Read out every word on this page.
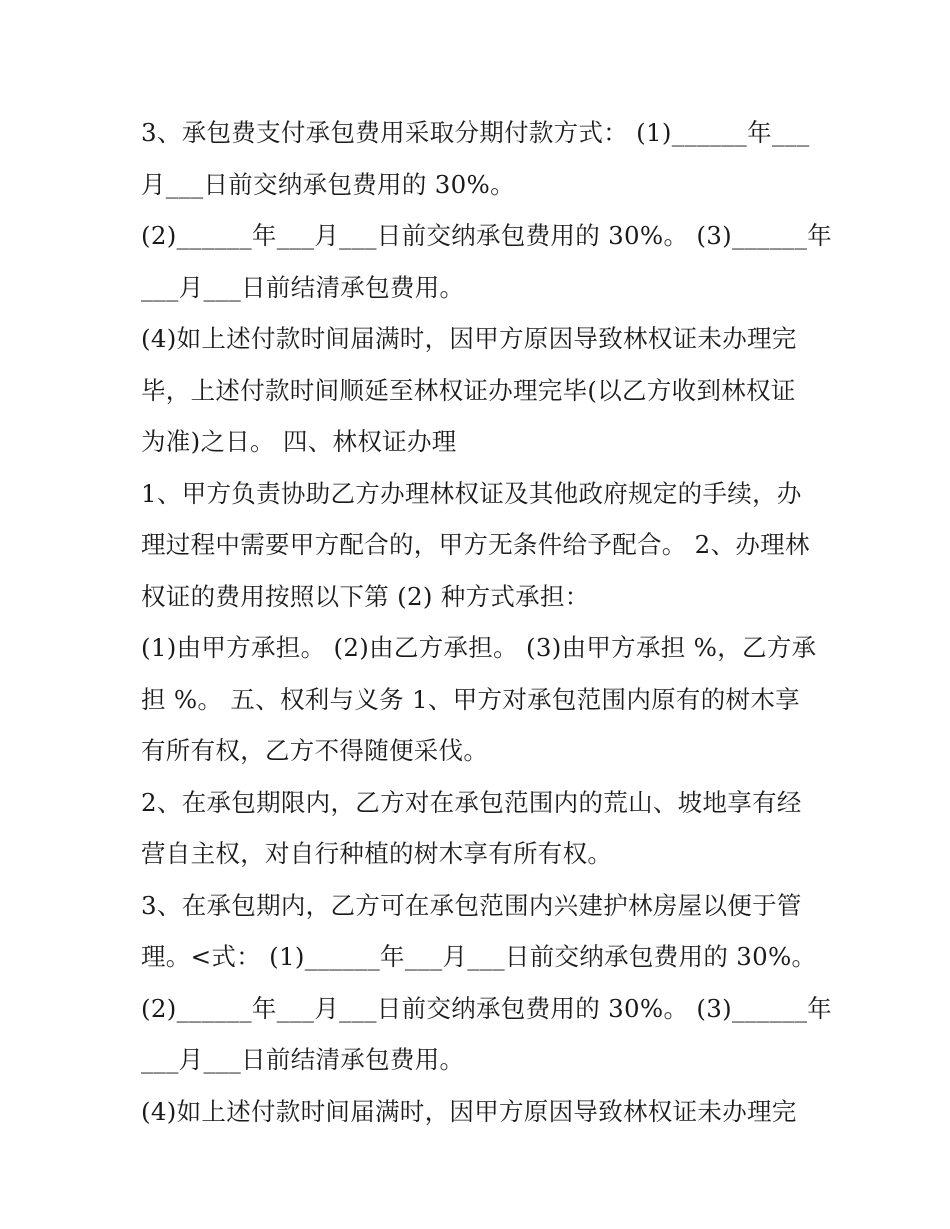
3、承包费支付承包费用采取分期付款方式： (1)______年___
月___日前交纳承包费用的 30%。
(2)______年___月___日前交纳承包费用的 30%。 (3)______年
___月___日前结清承包费用。
(4)如上述付款时间届满时，因甲方原因导致林权证未办理完
毕，上述付款时间顺延至林权证办理完毕(以乙方收到林权证
为准)之日。 四、林权证办理
1、甲方负责协助乙方办理林权证及其他政府规定的手续，办
理过程中需要甲方配合的，甲方无条件给予配合。 2、办理林
权证的费用按照以下第 (2) 种方式承担：
(1)由甲方承担。 (2)由乙方承担。 (3)由甲方承担 %，乙方承
担 %。 五、权利与义务 1、甲方对承包范围内原有的树木享
有所有权，乙方不得随便采伐。
2、在承包期限内，乙方对在承包范围内的荒山、坡地享有经
营自主权，对自行种植的树木享有所有权。
3、在承包期内，乙方可在承包范围内兴建护林房屋以便于管
理。<式： (1)______年___月___日前交纳承包费用的 30%。
(2)______年___月___日前交纳承包费用的 30%。 (3)______年
___月___日前结清承包费用。
(4)如上述付款时间届满时，因甲方原因导致林权证未办理完
